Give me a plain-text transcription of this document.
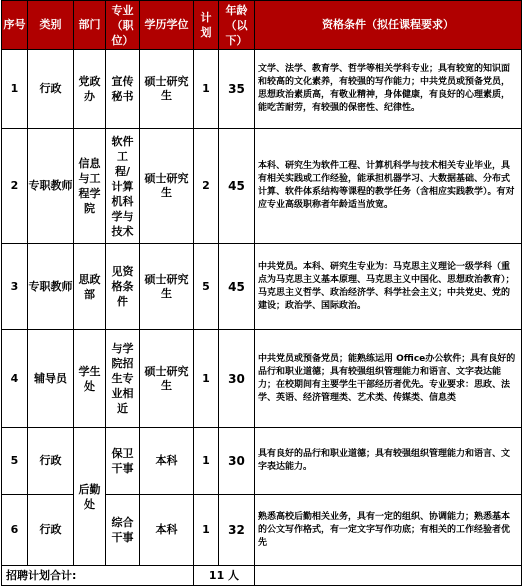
序号	类别	部门	专业（职位）	学历学位	计划	年龄（以下）	资格条件（拟任课程要求）
1	行政	党政办	宣传秘书	硕士研究生	1	35	文学、法学、教育学、哲学等相关学科专业；具有较宽的知识面和较高的文化素养，有较强的写作能力；中共党员或预备党员，思想政治素质高，有敬业精神，身体健康，有良好的心理素质，能吃苦耐劳，有较强的保密性、纪律性。
2	专职教师	信息与工程学院	软件工程/计算机科学与技术	硕士研究生	2	45	本科、研究生为软件工程、计算机科学与技术相关专业毕业，具有相关实践或工作经验，能承担机器学习、大数据基础、分布式计算、软件体系结构等课程的教学任务（含相应实践教学）。有对应专业高级职称者年龄适当放宽。
3	专职教师	思政部	见资格条件	硕士研究生	5	45	中共党员。本科、研究生专业为：马克思主义理论一级学科（重点为马克思主义基本原理、马克思主义中国化、思想政治教育）；马克思主义哲学、政治经济学、科学社会主义；中共党史、党的建设；政治学、国际政治。
4	辅导员	学生处	与学院招生专业相近	硕士研究生	1	30	中共党员或预备党员；能熟练运用 Office办公软件；具有良好的品行和职业道德；具有较强组织管理能力和语言、文字表达能力；在校期间有主要学生干部经历者优先。专业要求：思政、法学、英语、经济管理类、艺术类、传媒类、信息类
5	行政	后勤处	保卫干事	本科	1	30	具有良好的品行和职业道德；具有较强组织管理能力和语言、文字表达能力。
6	行政		综合干事	本科	1	32	熟悉高校后勤相关业务，具有一定的组织、协调能力；熟悉基本的公文写作格式，有一定文字写作功底；有相关的工作经验者优先
招聘计划合计:					11 人		
